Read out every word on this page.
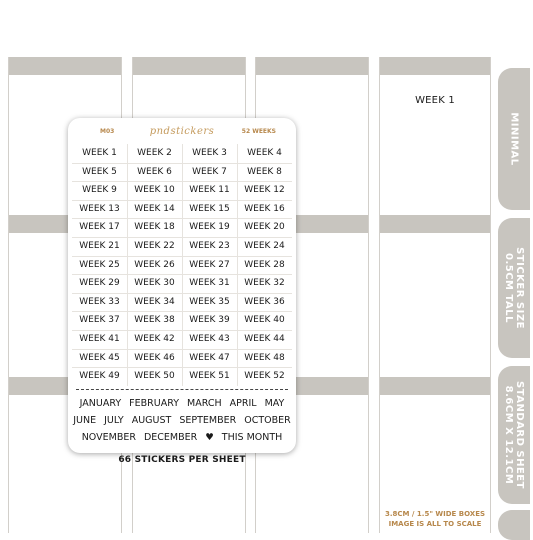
WEEK 1
3.8CM / 1.5" WIDE BOXES
IMAGE IS ALL TO SCALE
MINIMAL
STICKER SIZE
0.5CM TALL
STANDARD SHEET
8.6CM X 12.1CM
M03	pndstickers	52 WEEKS
WEEK 1	WEEK 2	WEEK 3	WEEK 4
WEEK 5	WEEK 6	WEEK 7	WEEK 8
WEEK 9	WEEK 10	WEEK 11	WEEK 12
WEEK 13	WEEK 14	WEEK 15	WEEK 16
WEEK 17	WEEK 18	WEEK 19	WEEK 20
WEEK 21	WEEK 22	WEEK 23	WEEK 24
WEEK 25	WEEK 26	WEEK 27	WEEK 28
WEEK 29	WEEK 30	WEEK 31	WEEK 32
WEEK 33	WEEK 34	WEEK 35	WEEK 36
WEEK 37	WEEK 38	WEEK 39	WEEK 40
WEEK 41	WEEK 42	WEEK 43	WEEK 44
WEEK 45	WEEK 46	WEEK 47	WEEK 48
WEEK 49	WEEK 50	WEEK 51	WEEK 52
JANUARY FEBRUARY MARCH APRIL MAY
JUNE JULY AUGUST SEPTEMBER OCTOBER
NOVEMBER DECEMBER ♥ THIS MONTH
66 STICKERS PER SHEET
